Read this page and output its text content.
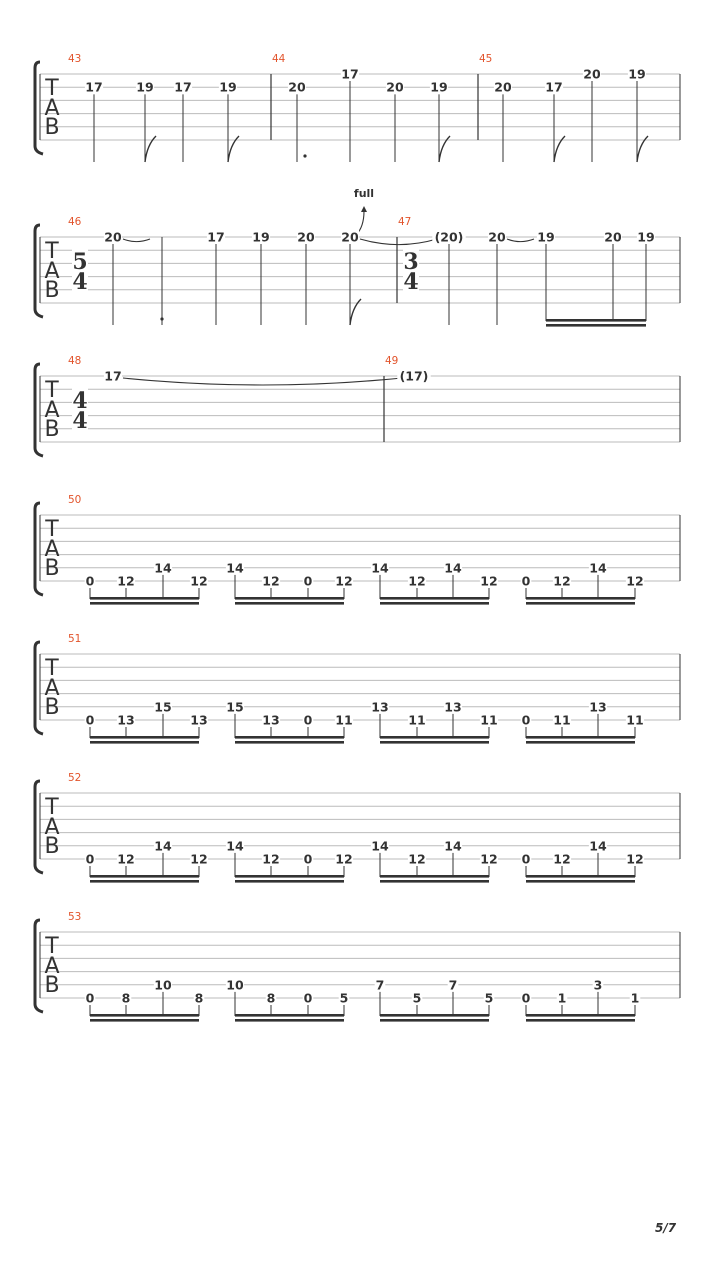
T
A
B
43
17	19 17 19
44
20
17
20 19
45
20	17
20 19
T
A
B
46
5
4
20	17 19 20
full
20
47
3
4
(20) 20	19	20 19
T
A
B
48
4
4
17
49
(17)
T
A
B
50
0 12
14
12
14
12 0 12
14
12
14
12 0 12
14
12
T
A
B
51
0 13
15
13
15
13 0 11
13
11
13
11 0 11
13
11
T
A
B
52
0 12
14
12
14
12 0 12
14
12
14
12 0 12
14
12
T
A
B
53
0 8
10
8
10
8 0 5
7
5
7
5 0 1
3
1
5/7
